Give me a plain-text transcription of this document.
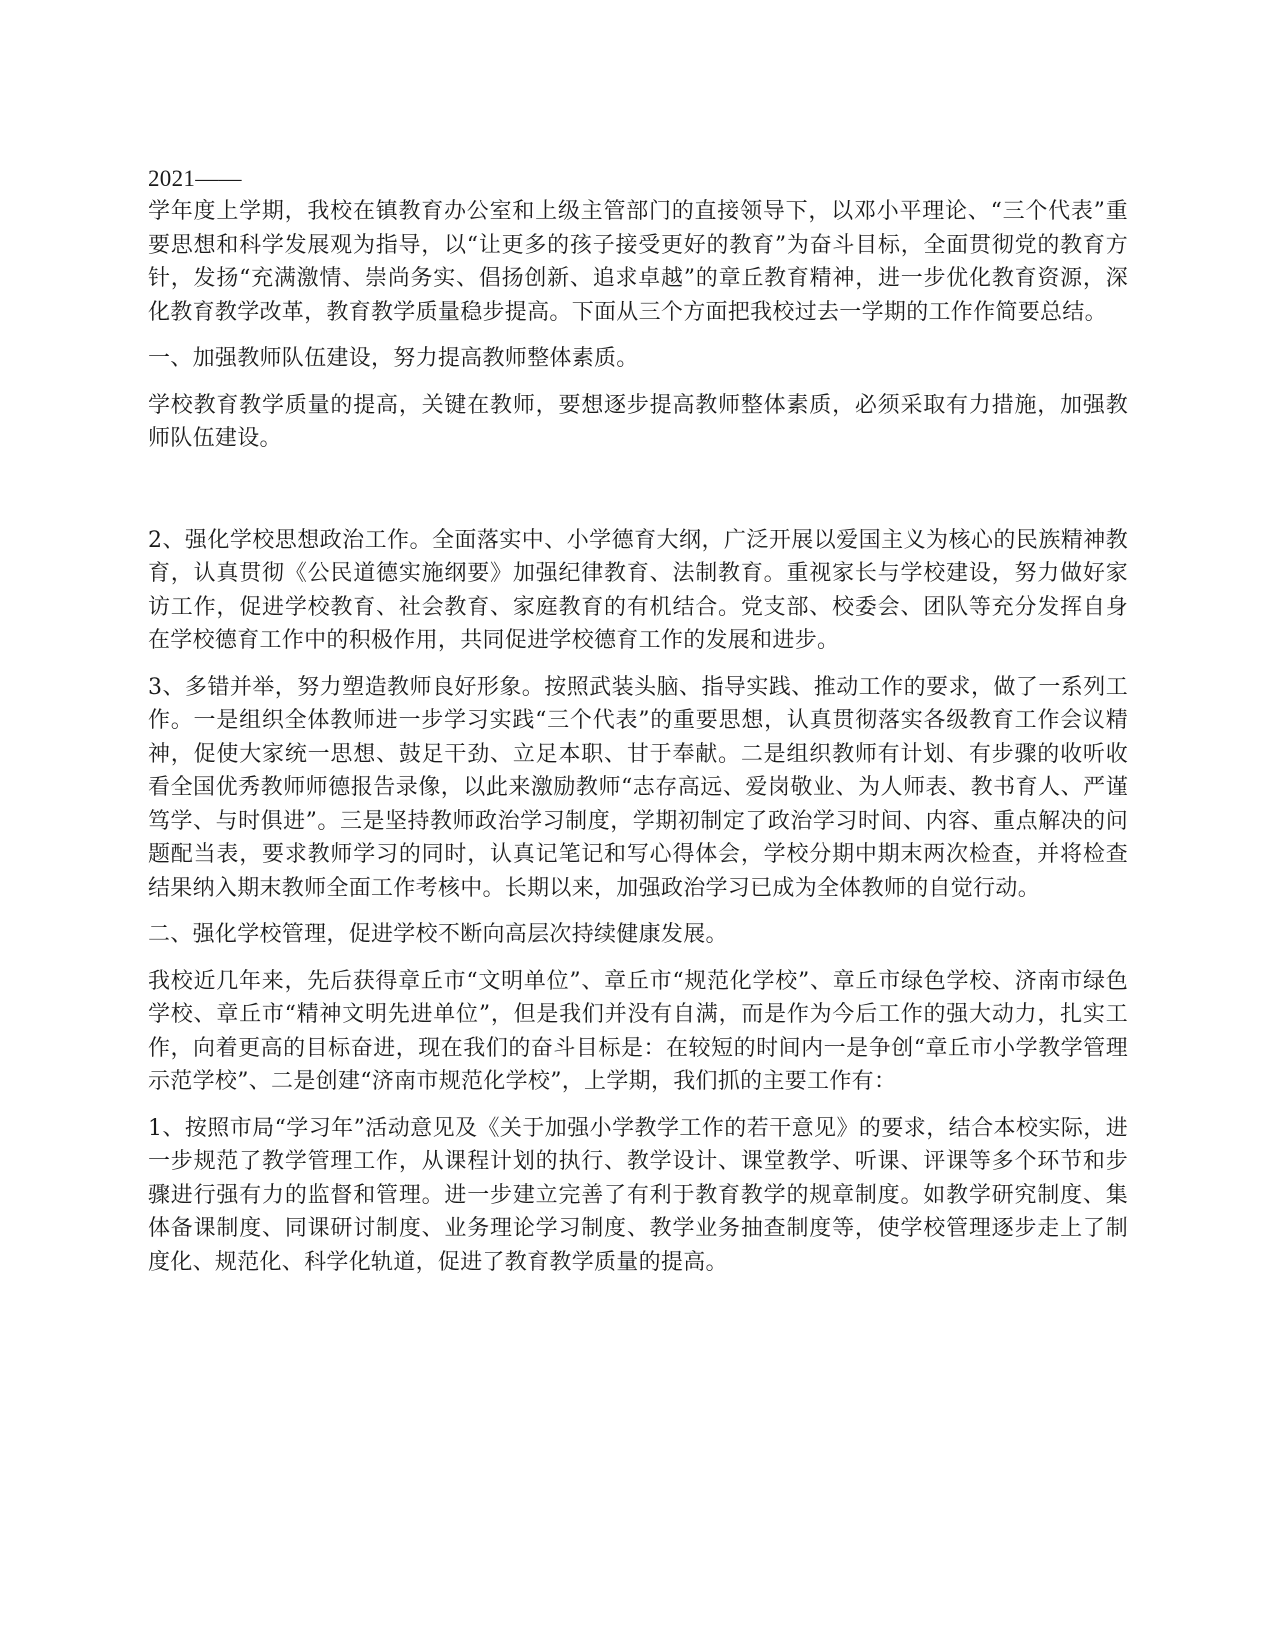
2021——

学年度上学期，我校在镇教育办公室和上级主管部门的直接领导下，以邓小平理论、“三个代表”重要思想和科学发展观为指导，以“让更多的孩子接受更好的教育”为奋斗目标，全面贯彻党的教育方针，发扬“充满激情、崇尚务实、倡扬创新、追求卓越”的章丘教育精神，进一步优化教育资源，深化教育教学改革，教育教学质量稳步提高。下面从三个方面把我校过去一学期的工作作简要总结。

一、加强教师队伍建设，努力提高教师整体素质。

学校教育教学质量的提高，关键在教师，要想逐步提高教师整体素质，必须采取有力措施，加强教师队伍建设。

2、强化学校思想政治工作。全面落实中、小学德育大纲，广泛开展以爱国主义为核心的民族精神教育，认真贯彻《公民道德实施纲要》加强纪律教育、法制教育。重视家长与学校建设，努力做好家访工作，促进学校教育、社会教育、家庭教育的有机结合。党支部、校委会、团队等充分发挥自身在学校德育工作中的积极作用，共同促进学校德育工作的发展和进步。

3、多错并举，努力塑造教师良好形象。按照武装头脑、指导实践、推动工作的要求，做了一系列工作。一是组织全体教师进一步学习实践“三个代表”的重要思想，认真贯彻落实各级教育工作会议精神，促使大家统一思想、鼓足干劲、立足本职、甘于奉献。二是组织教师有计划、有步骤的收听收看全国优秀教师师德报告录像，以此来激励教师“志存高远、爱岗敬业、为人师表、教书育人、严谨笃学、与时俱进”。三是坚持教师政治学习制度，学期初制定了政治学习时间、内容、重点解决的问题配当表，要求教师学习的同时，认真记笔记和写心得体会，学校分期中期末两次检查，并将检查结果纳入期末教师全面工作考核中。长期以来，加强政治学习已成为全体教师的自觉行动。

二、强化学校管理，促进学校不断向高层次持续健康发展。

我校近几年来，先后获得章丘市“文明单位”、章丘市“规范化学校”、章丘市绿色学校、济南市绿色学校、章丘市“精神文明先进单位”，但是我们并没有自满，而是作为今后工作的强大动力，扎实工作，向着更高的目标奋进，现在我们的奋斗目标是：在较短的时间内一是争创“章丘市小学教学管理示范学校”、二是创建“济南市规范化学校”，上学期，我们抓的主要工作有：

1、按照市局“学习年”活动意见及《关于加强小学教学工作的若干意见》的要求，结合本校实际，进一步规范了教学管理工作，从课程计划的执行、教学设计、课堂教学、听课、评课等多个环节和步骤进行强有力的监督和管理。进一步建立完善了有利于教育教学的规章制度。如教学研究制度、集体备课制度、同课研讨制度、业务理论学习制度、教学业务抽查制度等，使学校管理逐步走上了制度化、规范化、科学化轨道，促进了教育教学质量的提高。
